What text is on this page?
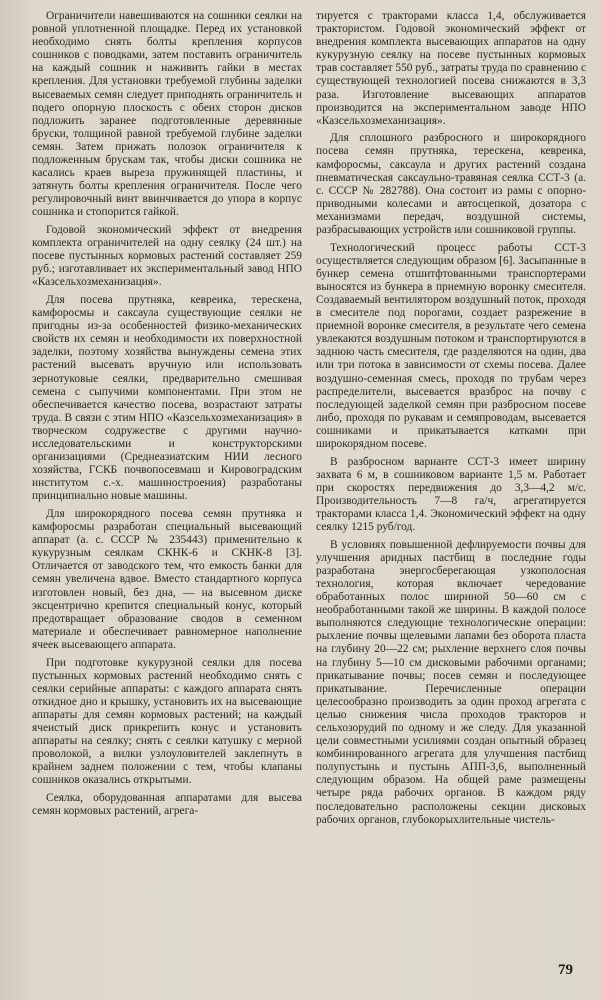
Ограничители навешиваются на сошники сеялки на ровной уплотненной площадке. Перед их установкой необходимо снять болты крепления корпусов сошников с поводками, затем поставить ограничитель на каждый сошник и наживить гайки в местах крепления. Для установки требуемой глубины заделки высеваемых семян следует приподнять ограничитель и подего опорную плоскость с обеих сторон дисков подложить заранее подготовленные деревянные бруски, толщиной равной требуемой глубине заделки семян. Затем прижать полозок ограничителя к подложенным брускам так, чтобы диски сошника не касались краев выреза пружинящей пластины, и затянуть болты крепления ограничителя. После чего регулировочный винт ввинчивается до упора в корпус сошника и стопорится гайкой.

Годовой экономический эффект от внедрения комплекта ограничителей на одну сеялку (24 шт.) на посеве пустынных кормовых растений составляет 259 руб.; изготавливает их экспериментальный завод НПО «Казсельхозмеханизация».

Для посева прутняка, кевреика, терескена, камфоросмы и саксаула существующие сеялки не пригодны из-за особенностей физико-механических свойств их семян и необходимости их поверхностной заделки, поэтому хозяйства вынуждены семена этих растений высевать вручную или использовать зернотуковые сеялки, предварительно смешивая семена с сыпучими компонентами. При этом не обеспечивается качество посева, возрастают затраты труда. В связи с этим НПО «Казсельхозмеханизация» в творческом содружестве с другими научно-исследовательскими и конструкторскими организациями (Среднеазиатским НИИ лесного хозяйства, ГСКБ почвопосевмаш и Кировоградским институтом с.-х. машиностроения) разработаны принципиально новые машины.

Для широкорядного посева семян прутняка и камфоросмы разработан специальный высевающий аппарат (а. с. СССР № 235443) применительно к кукурузным сеялкам СКНК-6 и СКНК-8 [3]. Отличается от заводского тем, что емкость банки для семян увеличена вдвое. Вместо стандартного корпуса изготовлен новый, без дна, — на высевном диске эксцентрично крепится специальный конус, который предотвращает образование сводов в семенном материале и обеспечивает равномерное наполнение ячеек высевающего аппарата.

При подготовке кукурузной сеялки для посева пустынных кормовых растений необходимо снять с сеялки серийные аппараты: с каждого аппарата снять откидное дно и крышку, установить их на высевающие аппараты для семян кормовых растений; на каждый ячеистый диск прикрепить конус и установить аппараты на сеялку; снять с сеялки катушку с мерной проволокой, а вилки узлоуловителей заклепнуть в крайнем заднем положении с тем, чтобы клапаны сошников оказались открытыми.

Сеялка, оборудованная аппаратами для высева семян кормовых растений, агрега-

тируется с тракторами класса 1,4, обслуживается трактористом. Годовой экономический эффект от внедрения комплекта высевающих аппаратов на одну кукурузную сеялку на посеве пустынных кормовых трав составляет 550 руб., затраты труда по сравнению с существующей технологией посева снижаются в 3,3 раза. Изготовление высевающих аппаратов производится на экспериментальном заводе НПО «Казсельхозмеханизация».

Для сплошного разбросного и широкорядного посева семян прутняка, терескена, кевреика, камфоросмы, саксаула и других растений создана пневматическая саксаульно-травяная сеялка ССТ-3 (а. с. СССР № 282788). Она состоит из рамы с опорно-приводными колесами и автосцепкой, дозатора с механизмами передач, воздушной системы, разбрасывающих устройств или сошниковой группы.

Технологический процесс работы ССТ-3 осуществляется следующим образом [6]. Засыпанные в бункер семена отшитфтованными транспортерами выносятся из бункера в приемную воронку смесителя. Создаваемый вентилятором воздушный поток, проходя в смесителе под порогами, создает разрежение в приемной воронке смесителя, в результате чего семена увлекаются воздушным потоком и транспортируются в заднюю часть смесителя, где разделяются на один, два или три потока в зависимости от схемы посева. Далее воздушно-семенная смесь, проходя по трубам через распределители, высевается вразброс на почву с последующей заделкой семян при разбросном посеве либо, проходя по рукавам и семяпроводам, высевается сошниками и прикатывается катками при широкорядном посеве.

В разбросном варианте ССТ-3 имеет ширину захвата 6 м, в сошниковом варианте 1,5 м. Работает при скоростях передвижения до 3,3—4,2 м/с. Производительность 7—8 га/ч, агрегатируется тракторами класса 1,4. Экономический эффект на одну сеялку 1215 руб/год.

В условиях повышенной дефлируемости почвы для улучшения аридных пастбищ в последние годы разработана энергосберегающая узкополосная технология, которая включает чередование обработанных полос шириной 50—60 см с необработанными такой же ширины. В каждой полосе выполняются следующие технологические операции: рыхление почвы щелевыми лапами без оборота пласта на глубину 20—22 см; рыхление верхнего слоя почвы на глубину 5—10 см дисковыми рабочими органами; прикатывание почвы; посев семян и последующее прикатывание. Перечисленные операции целесообразно производить за один проход агрегата с целью снижения числа проходов тракторов и сельхозорудий по одному и же следу. Для указанной цели совместными усилиями создан опытный образец комбинированного агрегата для улучшения пастбищ полупустынь и пустынь АПП-3,6, выполненный следующим образом. На общей раме размещены четыре ряда рабочих органов. В каждом ряду последовательно расположены секции дисковых рабочих органов, глубокорыхлительные чистель-

79
